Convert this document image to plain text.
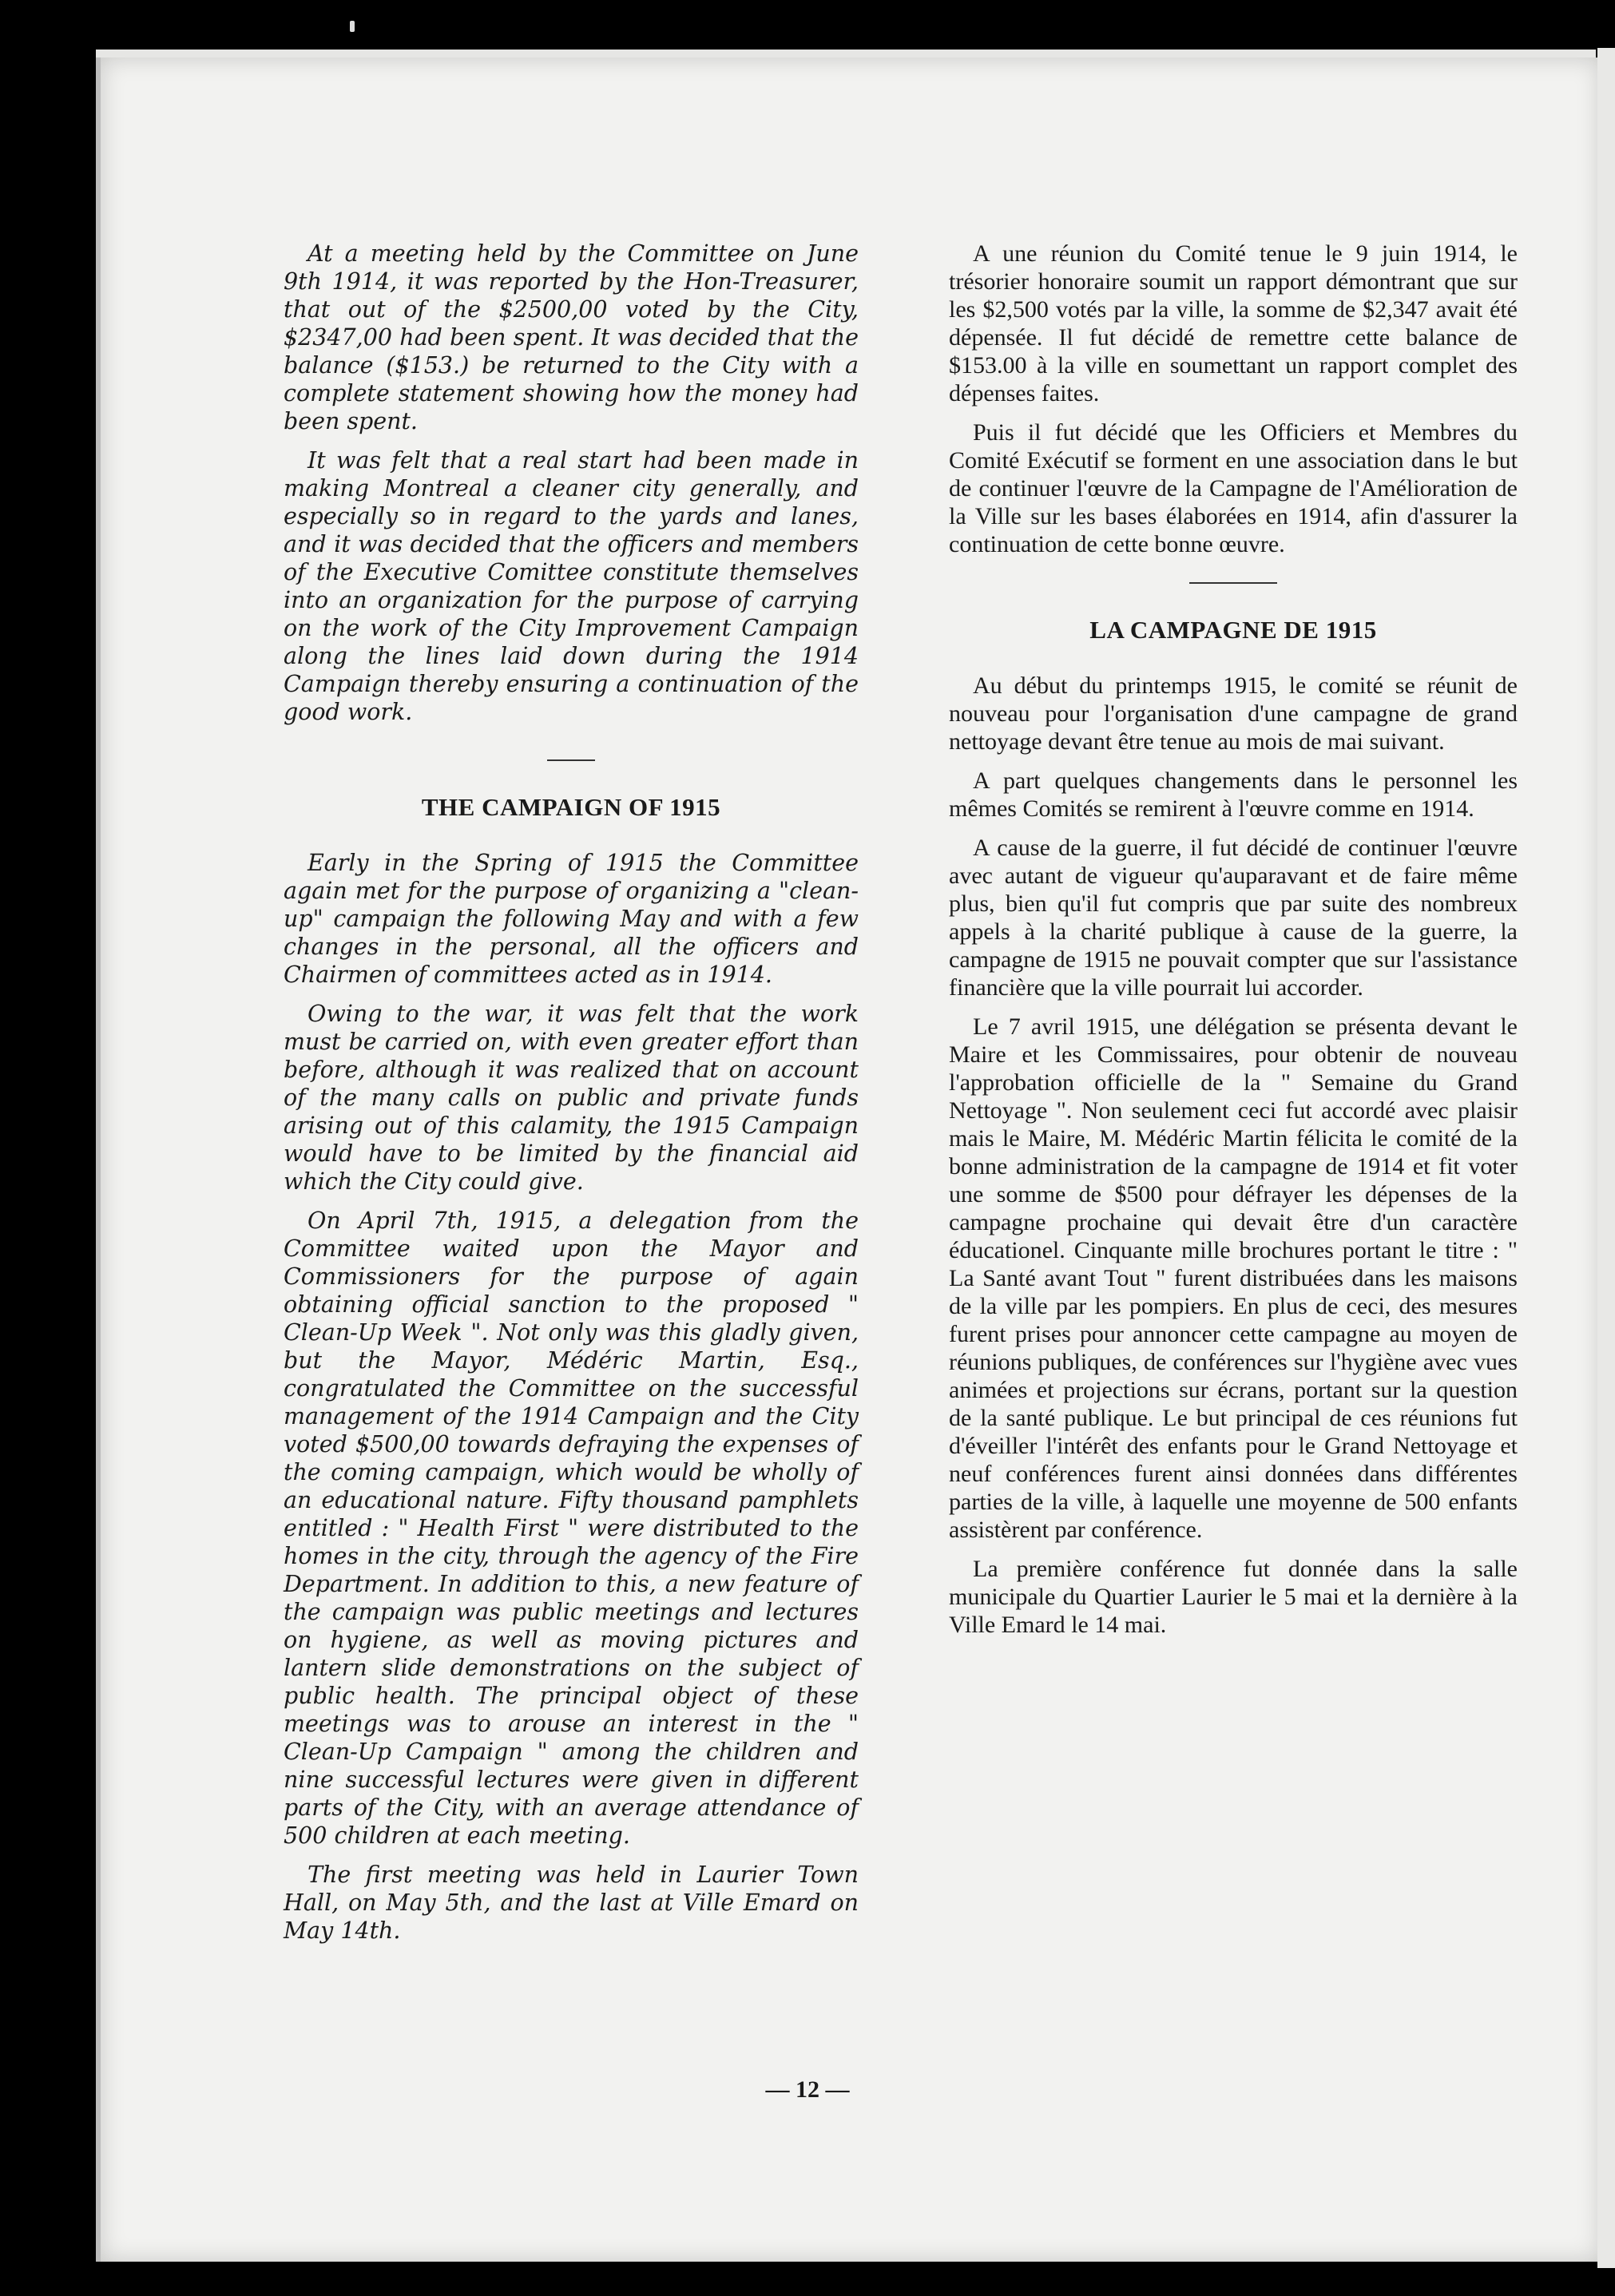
At a meeting held by the Committee on June 9th 1914, it was reported by the Hon-Treasurer, that out of the $2500,00 voted by the City, $2347,00 had been spent. It was decided that the balance ($153.) be returned to the City with a complete statement showing how the money had been spent.

It was felt that a real start had been made in making Montreal a cleaner city generally, and especially so in regard to the yards and lanes, and it was decided that the officers and members of the Executive Comittee constitute themselves into an organization for the purpose of carrying on the work of the City Improvement Campaign along the lines laid down during the 1914 Campaign thereby ensuring a continuation of the good work.

THE CAMPAIGN OF 1915

Early in the Spring of 1915 the Committee again met for the purpose of organizing a "clean-up" campaign the following May and with a few changes in the personal, all the officers and Chairmen of committees acted as in 1914.

Owing to the war, it was felt that the work must be carried on, with even greater effort than before, although it was realized that on account of the many calls on public and private funds arising out of this calamity, the 1915 Campaign would have to be limited by the financial aid which the City could give.

On April 7th, 1915, a delegation from the Committee waited upon the Mayor and Commissioners for the purpose of again obtaining official sanction to the proposed " Clean-Up Week ". Not only was this gladly given, but the Mayor, Médéric Martin, Esq., congratulated the Committee on the successful management of the 1914 Campaign and the City voted $500,00 towards defraying the expenses of the coming campaign, which would be wholly of an educational nature. Fifty thousand pamphlets entitled : " Health First " were distributed to the homes in the city, through the agency of the Fire Department. In addition to this, a new feature of the campaign was public meetings and lectures on hygiene, as well as moving pictures and lantern slide demonstrations on the subject of public health. The principal object of these meetings was to arouse an interest in the " Clean-Up Campaign " among the children and nine successful lectures were given in different parts of the City, with an average attendance of 500 children at each meeting.

The first meeting was held in Laurier Town Hall, on May 5th, and the last at Ville Emard on May 14th.

A une réunion du Comité tenue le 9 juin 1914, le trésorier honoraire soumit un rapport démontrant que sur les $2,500 votés par la ville, la somme de $2,347 avait été dépensée. Il fut décidé de remettre cette balance de $153.00 à la ville en soumettant un rapport complet des dépenses faites.

Puis il fut décidé que les Officiers et Membres du Comité Exécutif se forment en une association dans le but de continuer l'œuvre de la Campagne de l'Amélioration de la Ville sur les bases élaborées en 1914, afin d'assurer la continuation de cette bonne œuvre.

LA CAMPAGNE DE 1915

Au début du printemps 1915, le comité se réunit de nouveau pour l'organisation d'une campagne de grand nettoyage devant être tenue au mois de mai suivant.

A part quelques changements dans le personnel les mêmes Comités se remirent à l'œuvre comme en 1914.

A cause de la guerre, il fut décidé de continuer l'œuvre avec autant de vigueur qu'auparavant et de faire même plus, bien qu'il fut compris que par suite des nombreux appels à la charité publique à cause de la guerre, la campagne de 1915 ne pouvait compter que sur l'assistance financière que la ville pourrait lui accorder.

Le 7 avril 1915, une délégation se présenta devant le Maire et les Commissaires, pour obtenir de nouveau l'approbation officielle de la " Semaine du Grand Nettoyage ". Non seulement ceci fut accordé avec plaisir mais le Maire, M. Médéric Martin félicita le comité de la bonne administration de la campagne de 1914 et fit voter une somme de $500 pour défrayer les dépenses de la campagne prochaine qui devait être d'un caractère éducationel. Cinquante mille brochures portant le titre : " La Santé avant Tout " furent distribuées dans les maisons de la ville par les pompiers. En plus de ceci, des mesures furent prises pour annoncer cette campagne au moyen de réunions publiques, de conférences sur l'hygiène avec vues animées et projections sur écrans, portant sur la question de la santé publique. Le but principal de ces réunions fut d'éveiller l'intérêt des enfants pour le Grand Nettoyage et neuf conférences furent ainsi données dans différentes parties de la ville, à laquelle une moyenne de 500 enfants assistèrent par conférence.

La première conférence fut donnée dans la salle municipale du Quartier Laurier le 5 mai et la dernière à la Ville Emard le 14 mai.

— 12 —
